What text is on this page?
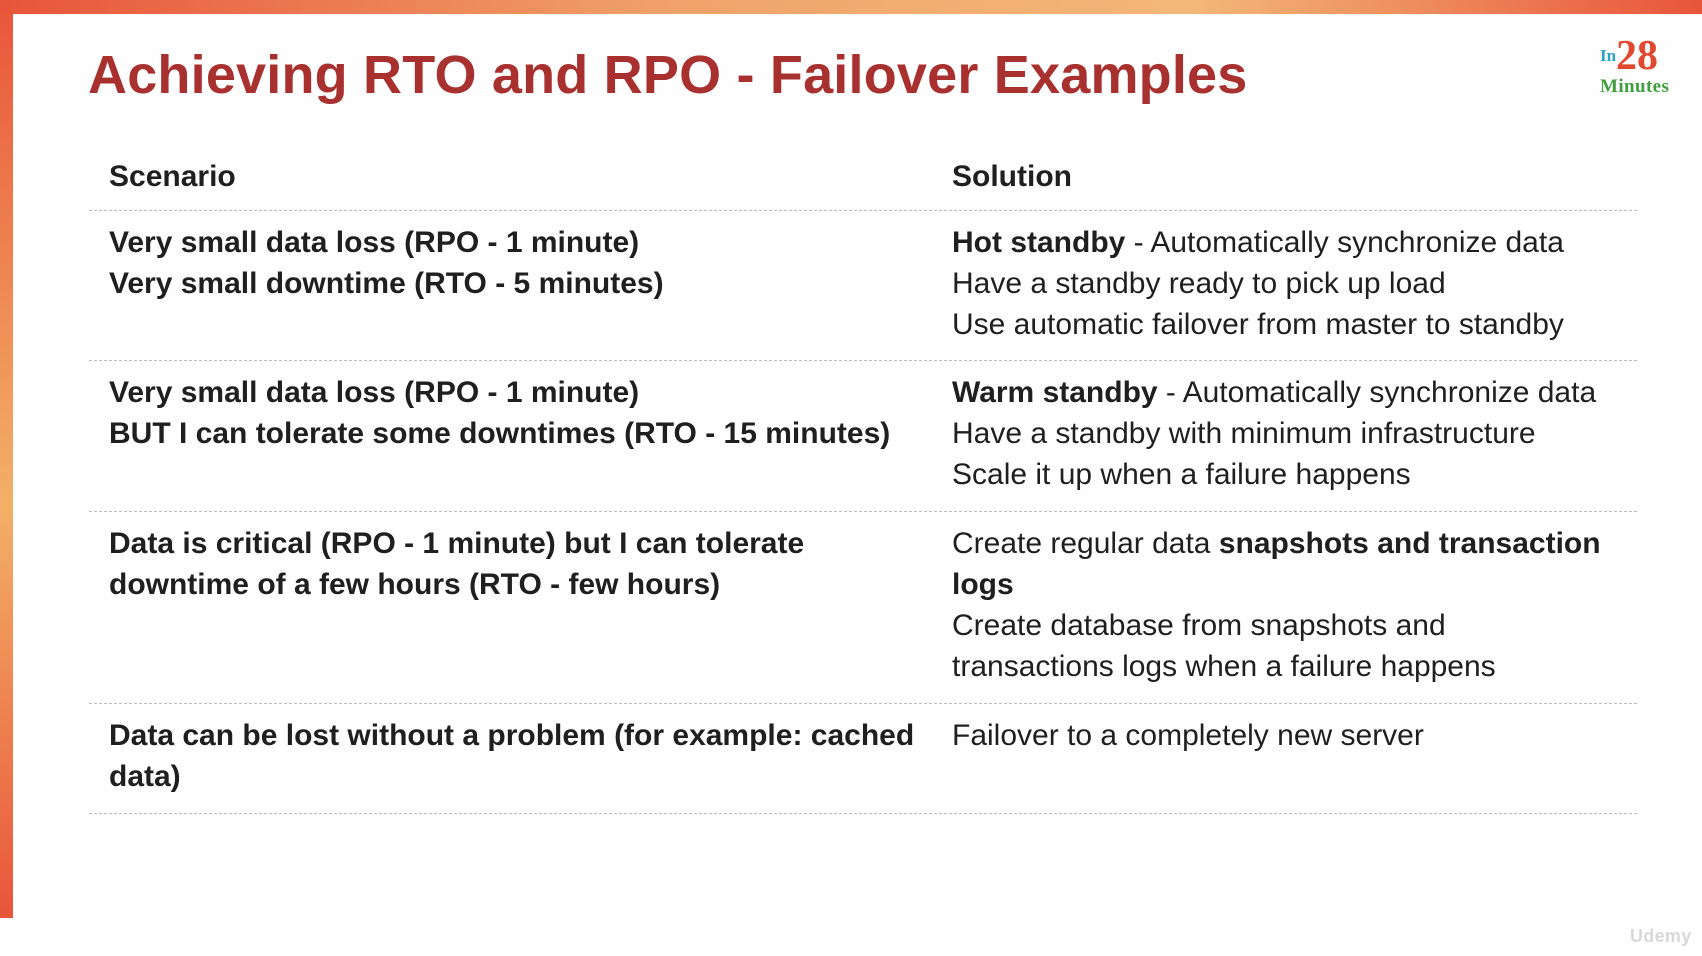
Achieving RTO and RPO - Failover Examples	In 28
Minutes
Scenario	Solution
Very small data loss (RPO - 1 minute)
Very small downtime (RTO - 5 minutes)
Hot standby - Automatically synchronize data
Have a standby ready to pick up load
Use automatic failover from master to standby
Very small data loss (RPO - 1 minute)
BUT I can tolerate some downtimes (RTO - 15 minutes)
Warm standby - Automatically synchronize data
Have a standby with minimum infrastructure
Scale it up when a failure happens
Data is critical (RPO - 1 minute) but I can tolerate
downtime of a few hours (RTO - few hours)
Create regular data snapshots and transaction logs
Create database from snapshots and
transactions logs when a failure happens
Data can be lost without a problem (for example: cached
data)
Failover to a completely new server
Udemy
